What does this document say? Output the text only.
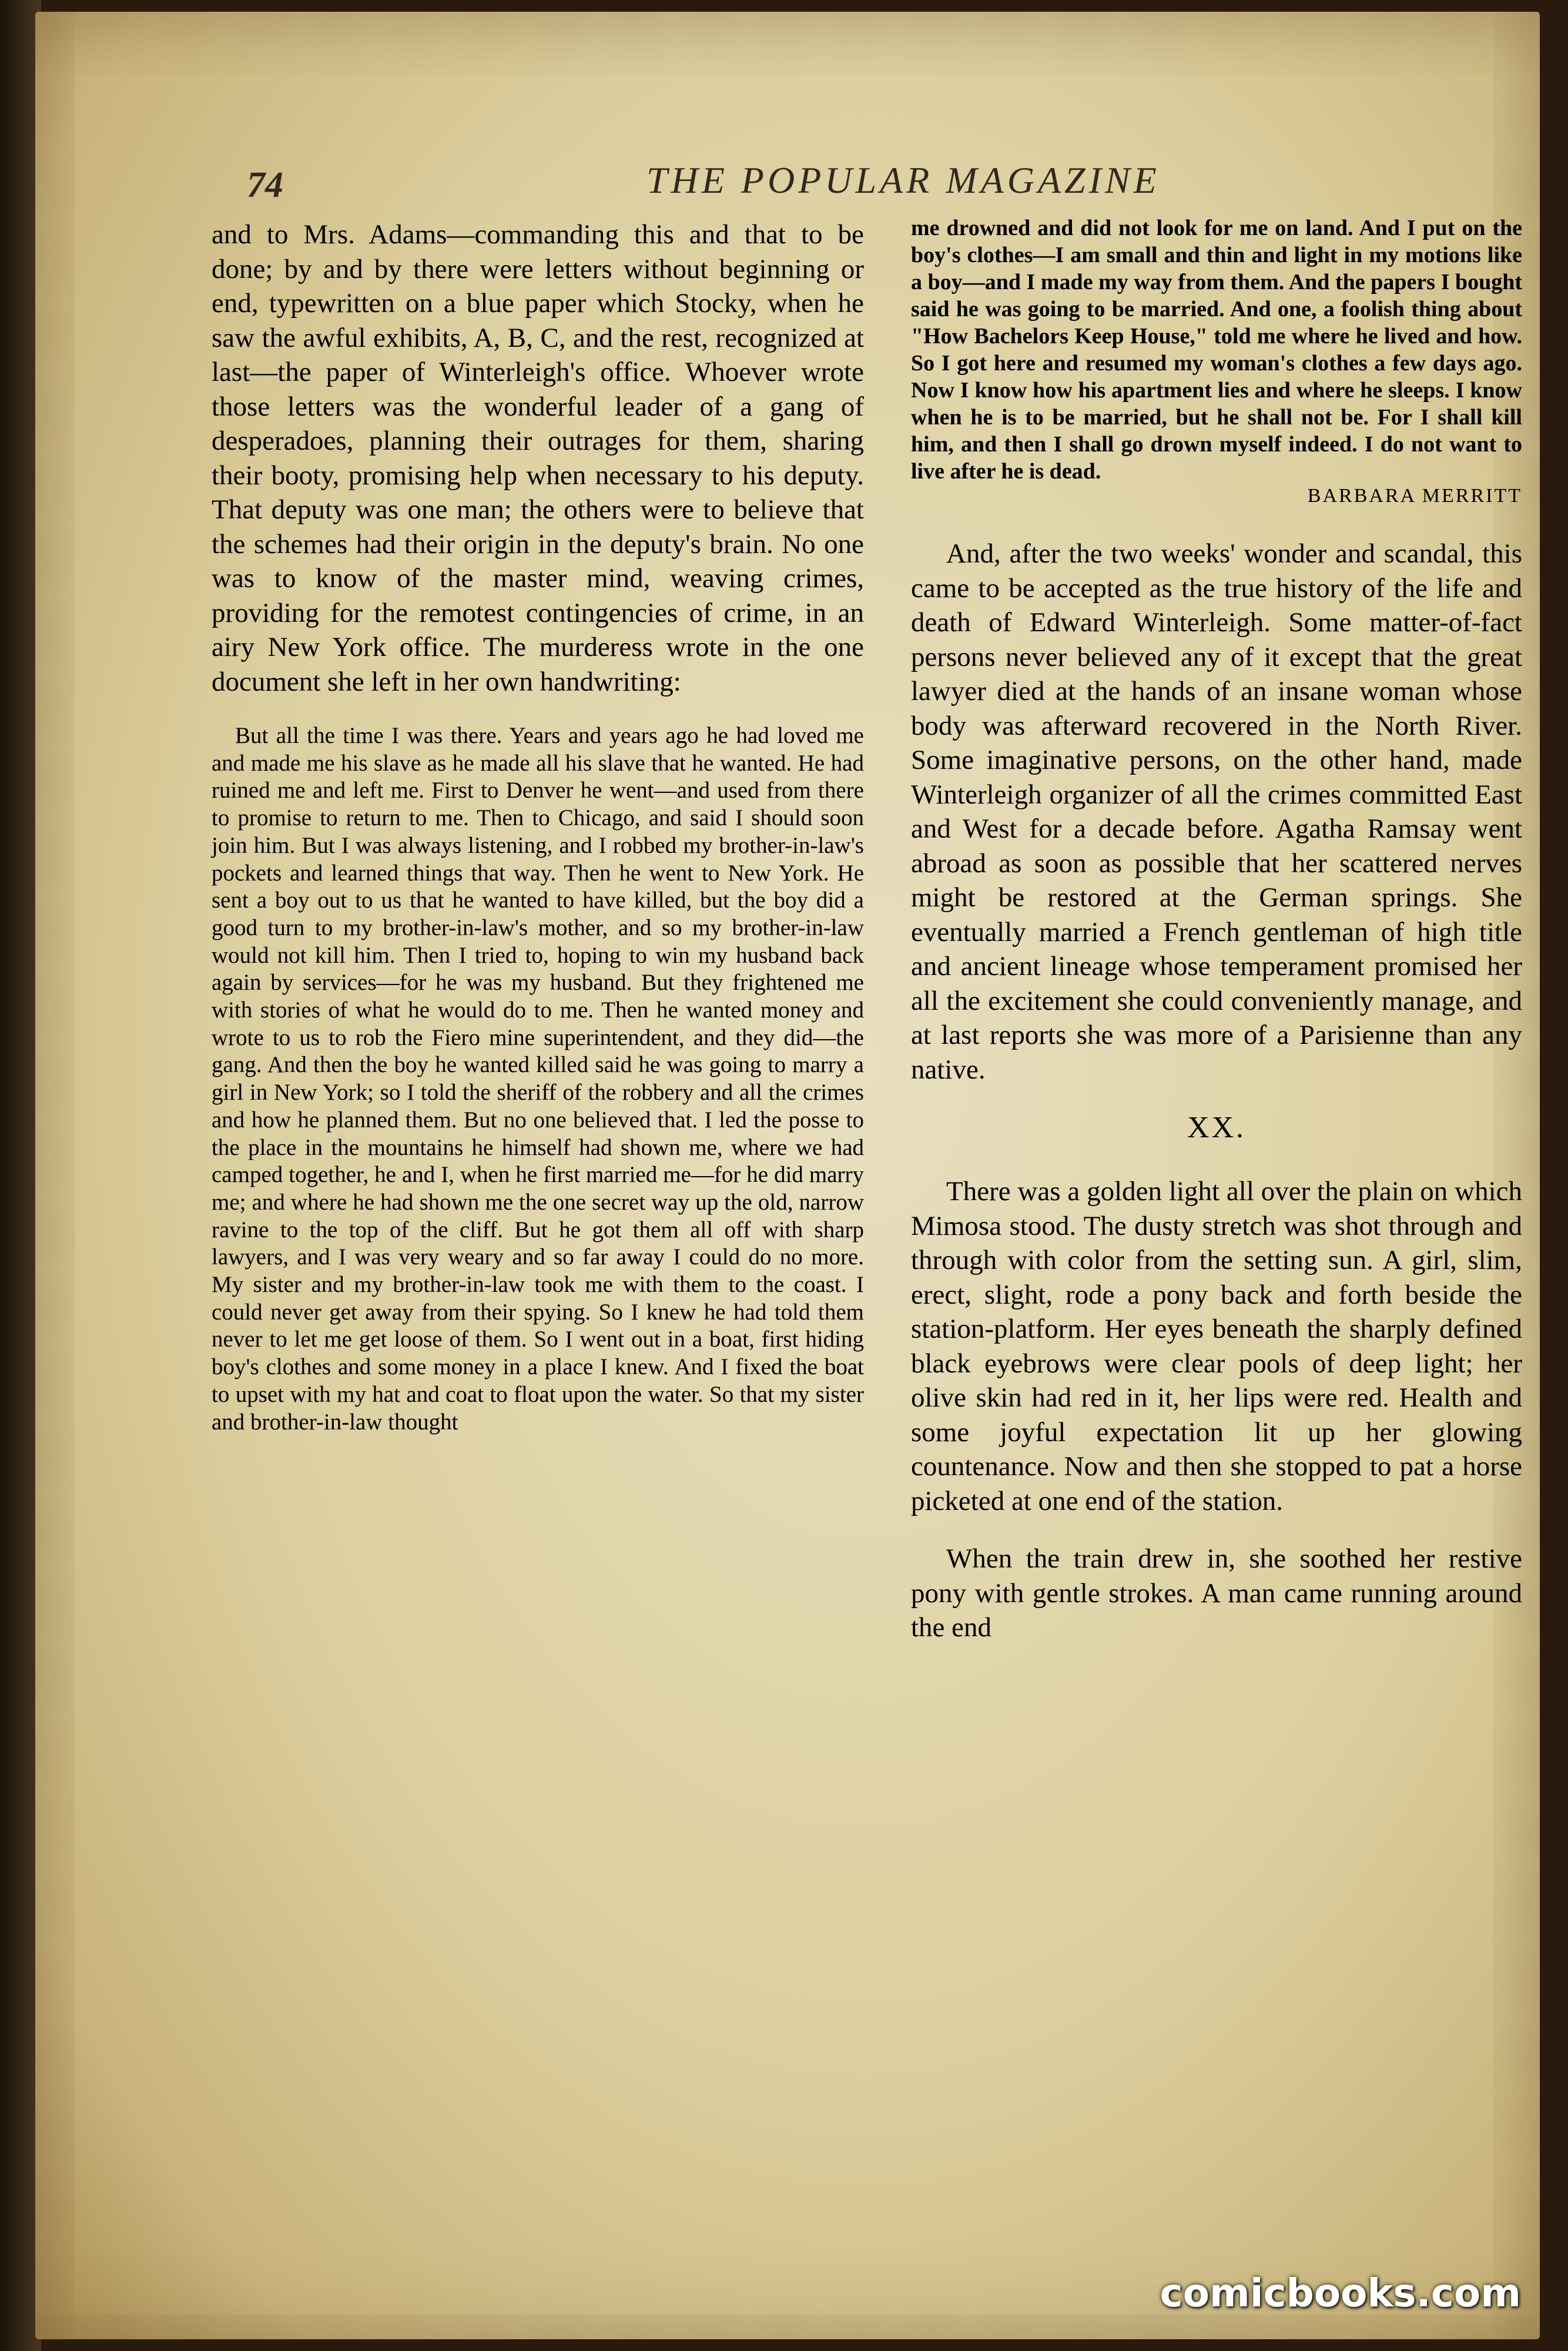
74	THE POPULAR MAGAZINE

and to Mrs. Adams—commanding this and that to be done; by and by there were letters without beginning or end, typewritten on a blue paper which Stocky, when he saw the awful exhibits, A, B, C, and the rest, recognized at last—the paper of Winterleigh's office. Whoever wrote those letters was the wonderful leader of a gang of desperadoes, planning their outrages for them, sharing their booty, promising help when necessary to his deputy. That deputy was one man; the others were to believe that the schemes had their origin in the deputy's brain. No one was to know of the master mind, weaving crimes, providing for the remotest contingencies of crime, in an airy New York office. The murderess wrote in the one document she left in her own handwriting:

But all the time I was there. Years and years ago he had loved me and made me his slave as he made all his slave that he wanted. He had ruined me and left me. First to Denver he went—and used from there to promise to return to me. Then to Chicago, and said I should soon join him. But I was always listening, and I robbed my brother-in-law's pockets and learned things that way. Then he went to New York. He sent a boy out to us that he wanted to have killed, but the boy did a good turn to my brother-in-law's mother, and so my brother-in-law would not kill him. Then I tried to, hoping to win my husband back again by services—for he was my husband. But they frightened me with stories of what he would do to me. Then he wanted money and wrote to us to rob the Fiero mine superintendent, and they did—the gang. And then the boy he wanted killed said he was going to marry a girl in New York; so I told the sheriff of the robbery and all the crimes and how he planned them. But no one believed that. I led the posse to the place in the mountains he himself had shown me, where we had camped together, he and I, when he first married me—for he did marry me; and where he had shown me the one secret way up the old, narrow ravine to the top of the cliff. But he got them all off with sharp lawyers, and I was very weary and so far away I could do no more. My sister and my brother-in-law took me with them to the coast. I could never get away from their spying. So I knew he had told them never to let me get loose of them. So I went out in a boat, first hiding boy's clothes and some money in a place I knew. And I fixed the boat to upset with my hat and coat to float upon the water. So that my sister and brother-in-law thought

me drowned and did not look for me on land. And I put on the boy's clothes—I am small and thin and light in my motions like a boy—and I made my way from them. And the papers I bought said he was going to be married. And one, a foolish thing about "How Bachelors Keep House," told me where he lived and how. So I got here and resumed my woman's clothes a few days ago. Now I know how his apartment lies and where he sleeps. I know when he is to be married, but he shall not be. For I shall kill him, and then I shall go drown myself indeed. I do not want to live after he is dead.

BARBARA MERRITT

And, after the two weeks' wonder and scandal, this came to be accepted as the true history of the life and death of Edward Winterleigh. Some matter-of-fact persons never believed any of it except that the great lawyer died at the hands of an insane woman whose body was afterward recovered in the North River. Some imaginative persons, on the other hand, made Winterleigh organizer of all the crimes committed East and West for a decade before. Agatha Ramsay went abroad as soon as possible that her scattered nerves might be restored at the German springs. She eventually married a French gentleman of high title and ancient lineage whose temperament promised her all the excitement she could conveniently manage, and at last reports she was more of a Parisienne than any native.

XX.

There was a golden light all over the plain on which Mimosa stood. The dusty stretch was shot through and through with color from the setting sun. A girl, slim, erect, slight, rode a pony back and forth beside the station-platform. Her eyes beneath the sharply defined black eyebrows were clear pools of deep light; her olive skin had red in it, her lips were red. Health and some joyful expectation lit up her glowing countenance. Now and then she stopped to pat a horse picketed at one end of the station.

When the train drew in, she soothed her restive pony with gentle strokes. A man came running around the end

comicbooks.com
